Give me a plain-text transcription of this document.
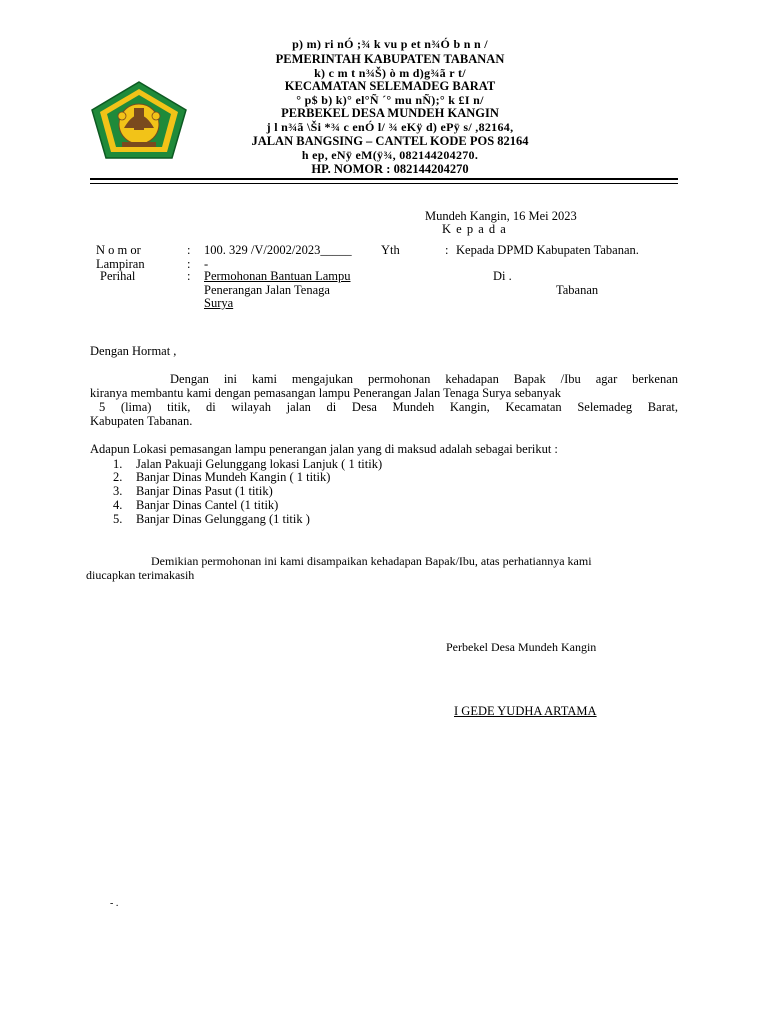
p) m) ri nÓ ;¾ k vu p et n¾Ó b n n /
PEMERINTAH KABUPATEN TABANAN
k) c m t n¾Š) ò m d)g¾ã r t/
KECAMATAN SELEMADEG BARAT
° p$ b) k)° el°Ñ ´° mu nÑ);° k £I n/
PERBEKEL DESA MUNDEH KANGIN
j l n¾ã \Ši *¾ c enÓ l/ ¾ eKÿ d) ePÿ s/ ,82164,
JALAN BANGSING – CANTEL KODE POS 82164
h ep, eNÿ eM(ÿ¾, 082144204270.
HP. NOMOR : 082144204270
Mundeh Kangin, 16 Mei 2023
K e p a d a
N o m or	: 100. 329 /V/2002/2023_____
Lampiran	: -
Perihal	: Permohonan Bantuan Lampu
Penerangan Jalan Tenaga
Surya
Yth	: Kepada DPMD Kabupaten Tabanan.
Di .
Tabanan
Dengan Hormat ,
Dengan ini kami mengajukan permohonan kehadapan Bapak /Ibu agar berkenan
kiranya membantu kami dengan pemasangan lampu Penerangan Jalan Tenaga Surya sebanyak
5 (lima) titik, di wilayah jalan di Desa Mundeh Kangin, Kecamatan Selemadeg Barat,
Kabupaten Tabanan.
Adapun Lokasi pemasangan lampu penerangan jalan yang di maksud adalah sebagai berikut :
1. Jalan Pakuaji Gelunggang lokasi Lanjuk ( 1 titik)
2. Banjar Dinas Mundeh Kangin ( 1 titik)
3. Banjar Dinas Pasut (1 titik)
4. Banjar Dinas Cantel (1 titik)
5. Banjar Dinas Gelunggang (1 titik )
Demikian permohonan ini kami disampaikan kehadapan Bapak/Ibu, atas perhatiannya kami
diucapkan terimakasih
Perbekel Desa Mundeh Kangin
I GEDE YUDHA ARTAMA
- .
